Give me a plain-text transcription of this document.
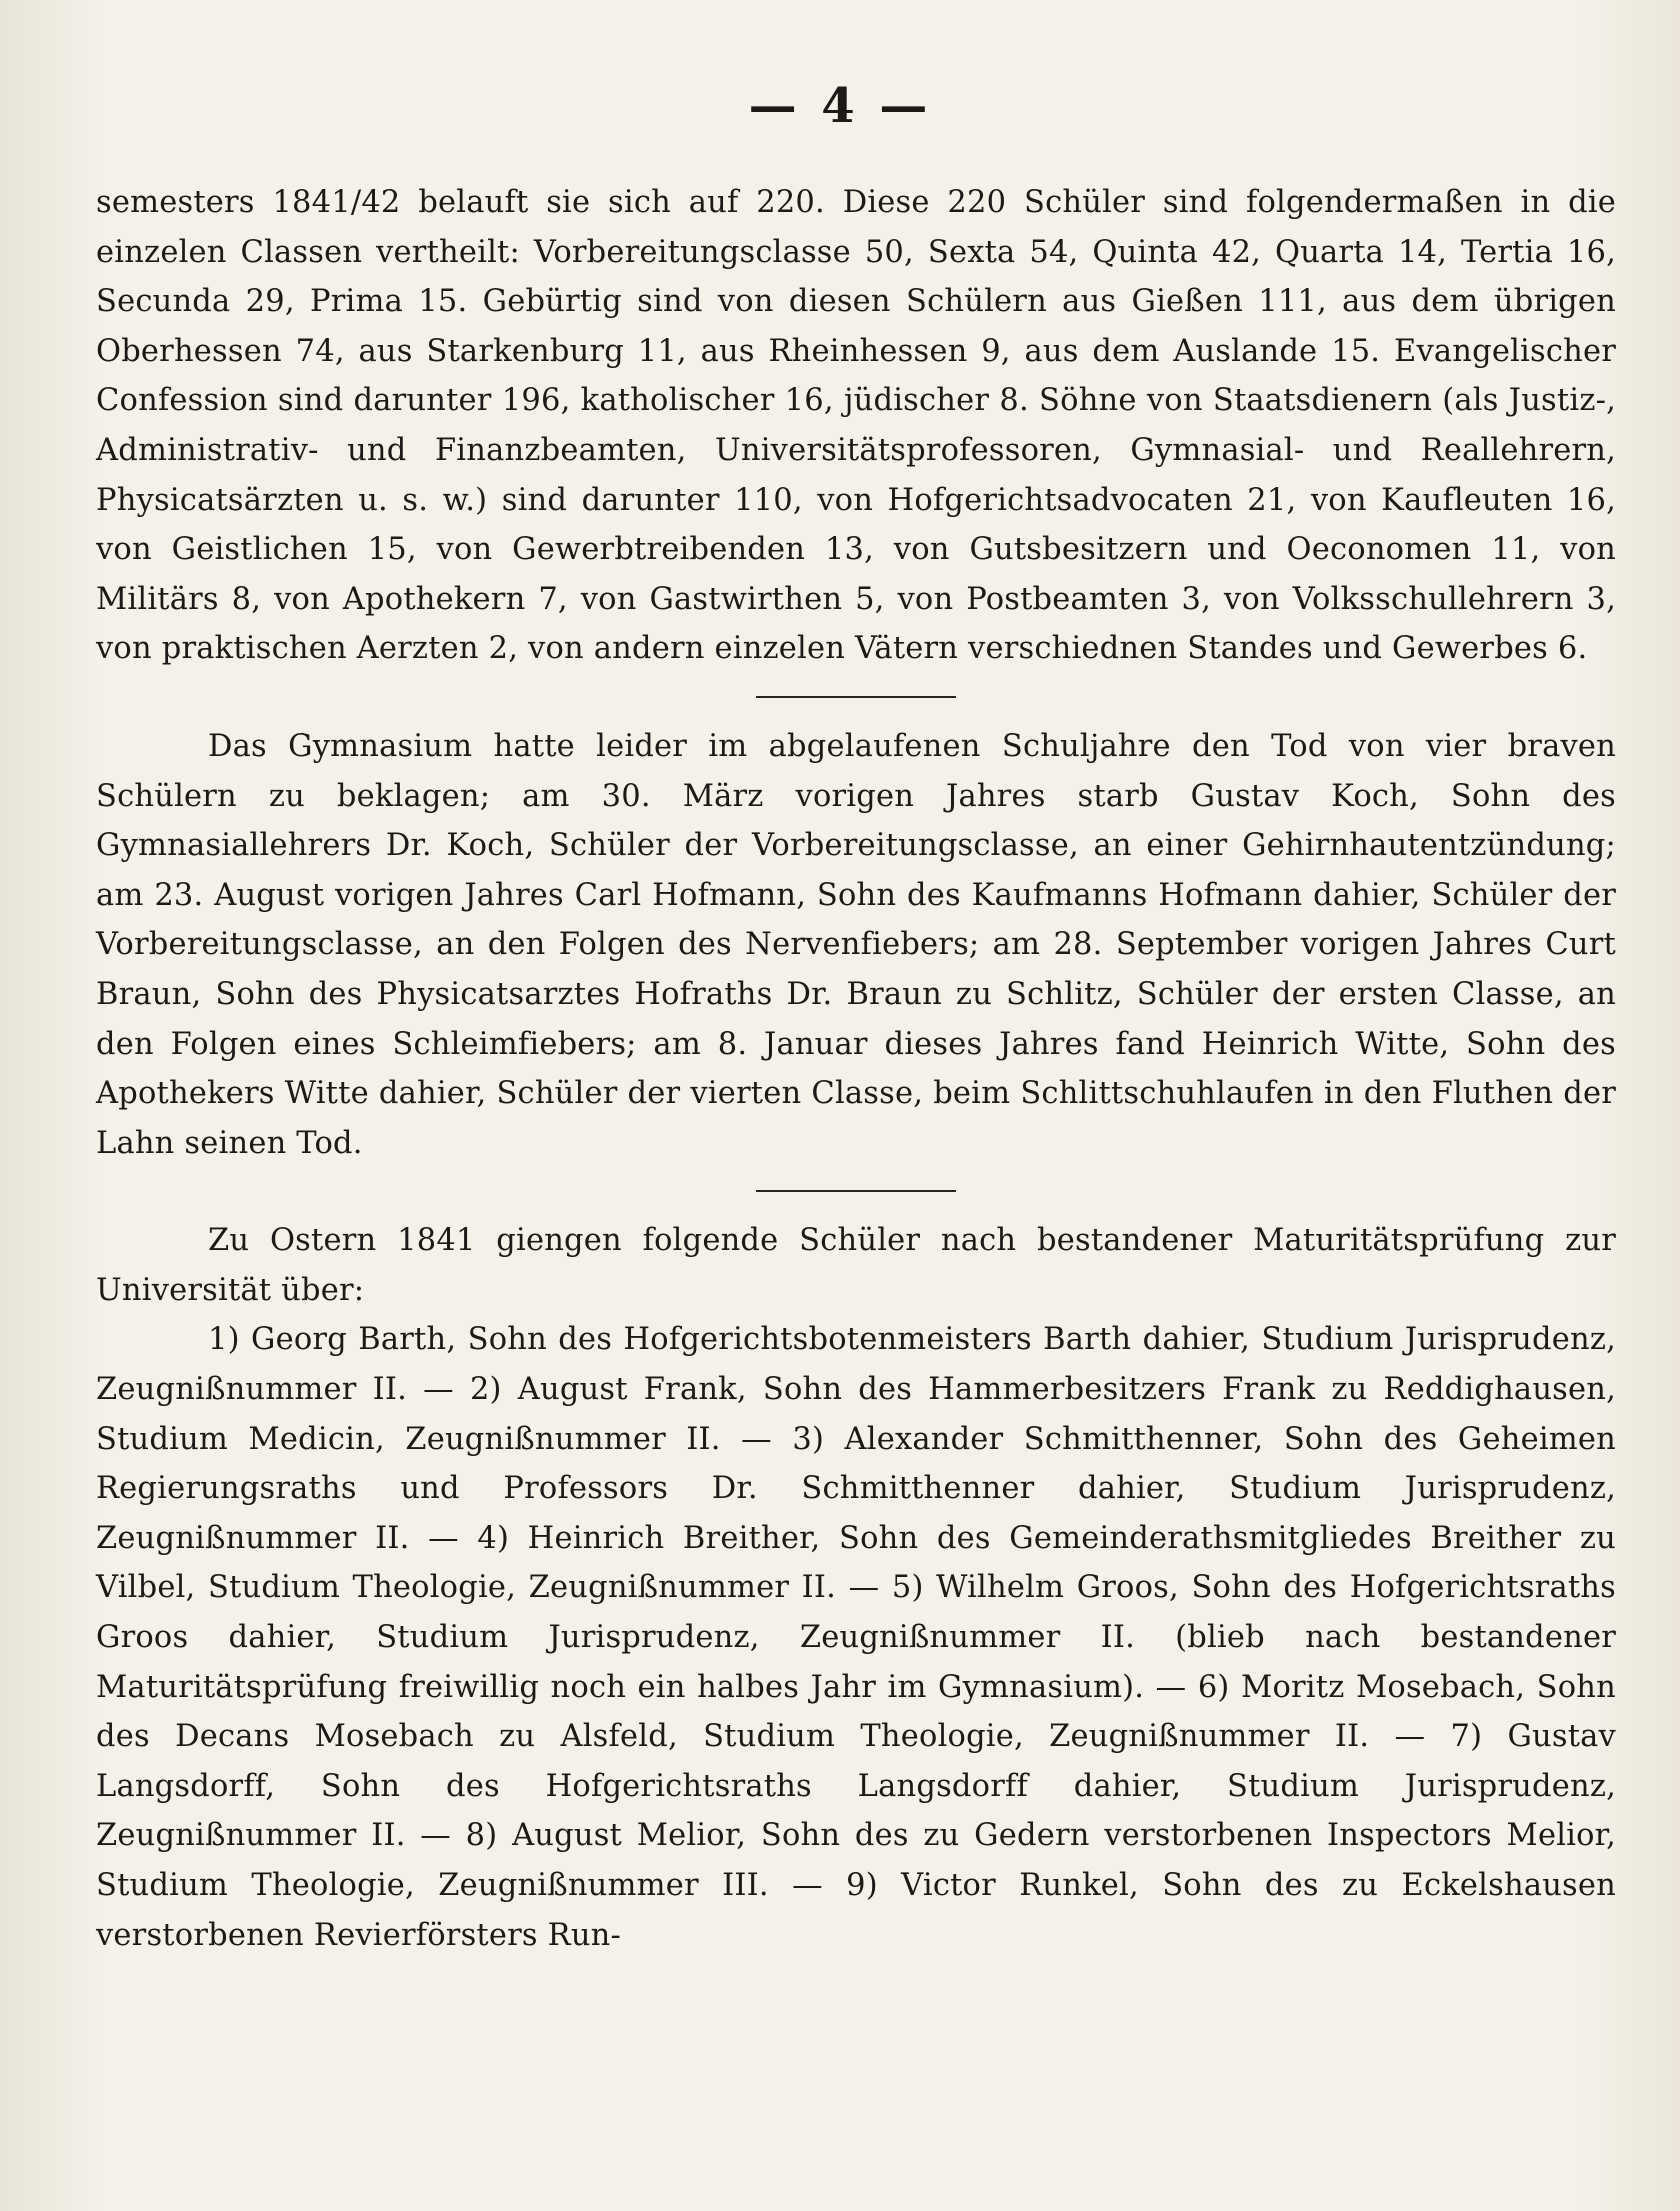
— 4 —

semesters 1841/42 belauft sie sich auf 220. Diese 220 Schüler sind folgendermaßen in die einzelen Classen vertheilt: Vorbereitungsclasse 50, Sexta 54, Quinta 42, Quarta 14, Tertia 16, Secunda 29, Prima 15. Gebürtig sind von diesen Schülern aus Gießen 111, aus dem übrigen Oberhessen 74, aus Starkenburg 11, aus Rheinhessen 9, aus dem Auslande 15. Evangelischer Confession sind darunter 196, katholischer 16, jüdischer 8. Söhne von Staatsdienern (als Justiz-, Administrativ- und Finanzbeamten, Universitätsprofessoren, Gymnasial- und Reallehrern, Physicatsärzten u. s. w.) sind darunter 110, von Hofgerichtsadvocaten 21, von Kaufleuten 16, von Geistlichen 15, von Gewerbtreibenden 13, von Gutsbesitzern und Oeconomen 11, von Militärs 8, von Apothekern 7, von Gastwirthen 5, von Postbeamten 3, von Volksschullehrern 3, von praktischen Aerzten 2, von andern einzelen Vätern verschiednen Standes und Gewerbes 6.

Das Gymnasium hatte leider im abgelaufenen Schuljahre den Tod von vier braven Schülern zu beklagen; am 30. März vorigen Jahres starb Gustav Koch, Sohn des Gymnasiallehrers Dr. Koch, Schüler der Vorbereitungsclasse, an einer Gehirnhautentzündung; am 23. August vorigen Jahres Carl Hofmann, Sohn des Kaufmanns Hofmann dahier, Schüler der Vorbereitungsclasse, an den Folgen des Nervenfiebers; am 28. September vorigen Jahres Curt Braun, Sohn des Physicatsarztes Hofraths Dr. Braun zu Schlitz, Schüler der ersten Classe, an den Folgen eines Schleimfiebers; am 8. Januar dieses Jahres fand Heinrich Witte, Sohn des Apothekers Witte dahier, Schüler der vierten Classe, beim Schlittschuhlaufen in den Fluthen der Lahn seinen Tod.

Zu Ostern 1841 giengen folgende Schüler nach bestandener Maturitätsprüfung zur Universität über:

1) Georg Barth, Sohn des Hofgerichtsbotenmeisters Barth dahier, Studium Jurisprudenz, Zeugnißnummer II. — 2) August Frank, Sohn des Hammerbesitzers Frank zu Reddighausen, Studium Medicin, Zeugnißnummer II. — 3) Alexander Schmitthenner, Sohn des Geheimen Regierungsraths und Professors Dr. Schmitthenner dahier, Studium Jurisprudenz, Zeugnißnummer II. — 4) Heinrich Breither, Sohn des Gemeinderathsmitgliedes Breither zu Vilbel, Studium Theologie, Zeugnißnummer II. — 5) Wilhelm Groos, Sohn des Hofgerichtsraths Groos dahier, Studium Jurisprudenz, Zeugnißnummer II. (blieb nach bestandener Maturitätsprüfung freiwillig noch ein halbes Jahr im Gymnasium). — 6) Moritz Mosebach, Sohn des Decans Mosebach zu Alsfeld, Studium Theologie, Zeugnißnummer II. — 7) Gustav Langsdorff, Sohn des Hofgerichtsraths Langsdorff dahier, Studium Jurisprudenz, Zeugnißnummer II. — 8) August Melior, Sohn des zu Gedern verstorbenen Inspectors Melior, Studium Theologie, Zeugnißnummer III. — 9) Victor Runkel, Sohn des zu Eckelshausen verstorbenen Revierförsters Run-
